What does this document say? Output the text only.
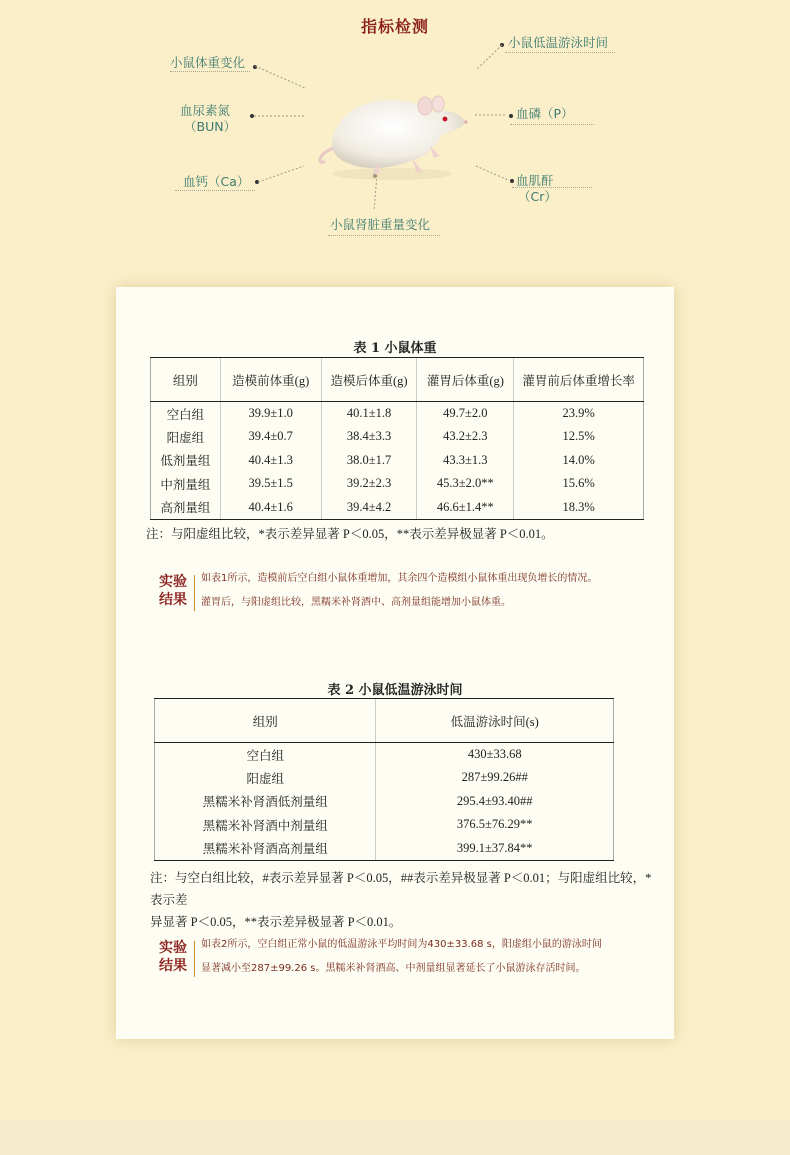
指标检测
小鼠体重变化
血尿素氮
（BUN）
血钙（Ca）
小鼠肾脏重量变化
小鼠低温游泳时间
血磷（P）
血肌酐
（Cr）
表 1 小鼠体重
组别	造模前体重(g)	造模后体重(g)	灌胃后体重(g)	灌胃前后体重增长率
空白组	39.9±1.0	40.1±1.8	49.7±2.0	23.9%
阳虚组	39.4±0.7	38.4±3.3	43.2±2.3	12.5%
低剂量组	40.4±1.3	38.0±1.7	43.3±1.3	14.0%
中剂量组	39.5±1.5	39.2±2.3	45.3±2.0**	15.6%
高剂量组	40.4±1.6	39.4±4.2	46.6±1.4**	18.3%
注：与阳虚组比较，*表示差异显著 P＜0.05，**表示差异极显著 P＜0.01。
实验
结果
如表1所示，造模前后空白组小鼠体重增加，其余四个造模组小鼠体重出现负增长的情况。
灌胃后，与阳虚组比较，黑糯米补肾酒中、高剂量组能增加小鼠体重。
表 2 小鼠低温游泳时间
组别	低温游泳时间(s)
空白组	430±33.68
阳虚组	287±99.26##
黑糯米补肾酒低剂量组	295.4±93.40##
黑糯米补肾酒中剂量组	376.5±76.29**
黑糯米补肾酒高剂量组	399.1±37.84**
注：与空白组比较，#表示差异显著 P＜0.05，##表示差异极显著 P＜0.01；与阳虚组比较，*表示差
异显著 P＜0.05，**表示差异极显著 P＜0.01。
实验
结果
如表2所示，空白组正常小鼠的低温游泳平均时间为430±33.68 s，阳虚组小鼠的游泳时间
显著减小至287±99.26 s。黑糯米补肾酒高、中剂量组显著延长了小鼠游泳存活时间。
